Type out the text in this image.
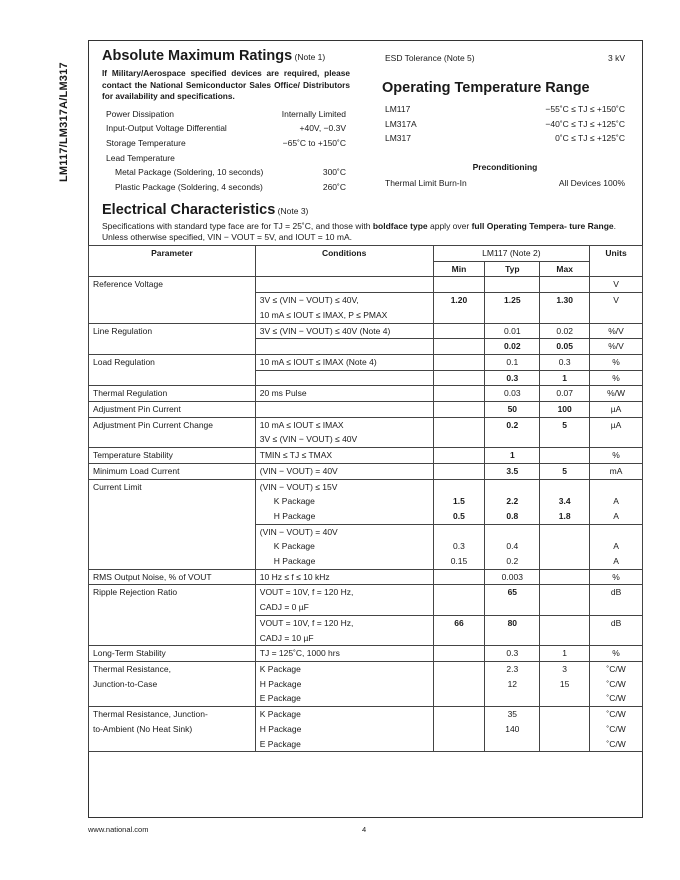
LM117/LM317A/LM317
Absolute Maximum Ratings (Note 1)
If Military/Aerospace specified devices are required, please contact the National Semiconductor Sales Office/ Distributors for availability and specifications.
Power Dissipation	Internally Limited
Input-Output Voltage Differential	+40V, −0.3V
Storage Temperature	−65˚C to +150˚C
Lead Temperature
Metal Package (Soldering, 10 seconds)	300˚C
Plastic Package (Soldering, 4 seconds)	260˚C
ESD Tolerance (Note 5)	3 kV
Operating Temperature Range
LM117	−55˚C ≤ TJ ≤ +150˚C
LM317A	−40˚C ≤ TJ ≤ +125˚C
LM317	0˚C ≤ TJ ≤ +125˚C
Preconditioning
Thermal Limit Burn-In	All Devices 100%
Electrical Characteristics (Note 3)
Specifications with standard type face are for TJ = 25˚C, and those with boldface type apply over full Operating Tempera- ture Range. Unless otherwise specified, VIN − VOUT = 5V, and IOUT = 10 mA.
Parameter	Conditions	LM117 (Note 2)			Units
		Min	Typ	Max	
Reference Voltage					V
	3V ≤ (VIN − VOUT) ≤ 40V,	1.20	1.25	1.30	V
	10 mA ≤ IOUT ≤ IMAX, P ≤ PMAX				
Line Regulation	3V ≤ (VIN − VOUT) ≤ 40V (Note 4)		0.01	0.02	%/V
			0.02	0.05	%/V
Load Regulation	10 mA ≤ IOUT ≤ IMAX (Note 4)		0.1	0.3	%
			0.3	1	%
Thermal Regulation	20 ms Pulse		0.03	0.07	%/W
Adjustment Pin Current			50	100	µA
Adjustment Pin Current Change	10 mA ≤ IOUT ≤ IMAX		0.2	5	µA
	3V ≤ (VIN − VOUT) ≤ 40V				
Temperature Stability	TMIN ≤ TJ ≤ TMAX		1		%
Minimum Load Current	(VIN − VOUT) = 40V		3.5	5	mA
Current Limit	(VIN − VOUT) ≤ 15V				
	K Package	1.5	2.2	3.4	A
	H Package	0.5	0.8	1.8	A
	(VIN − VOUT) = 40V				
	K Package	0.3	0.4		A
	H Package	0.15	0.2		A
RMS Output Noise, % of VOUT	10 Hz ≤ f ≤ 10 kHz		0.003		%
Ripple Rejection Ratio	VOUT = 10V, f = 120 Hz,		65		dB
	CADJ = 0 µF				
	VOUT = 10V, f = 120 Hz,	66	80		dB
	CADJ = 10 µF				
Long-Term Stability	TJ = 125˚C, 1000 hrs		0.3	1	%
Thermal Resistance,	K Package		2.3	3	˚C/W
Junction-to-Case	H Package		12	15	˚C/W
	E Package				˚C/W
Thermal Resistance, Junction-	K Package		35		˚C/W
to-Ambient (No Heat Sink)	H Package		140		˚C/W
	E Package				˚C/W

www.national.com	4
